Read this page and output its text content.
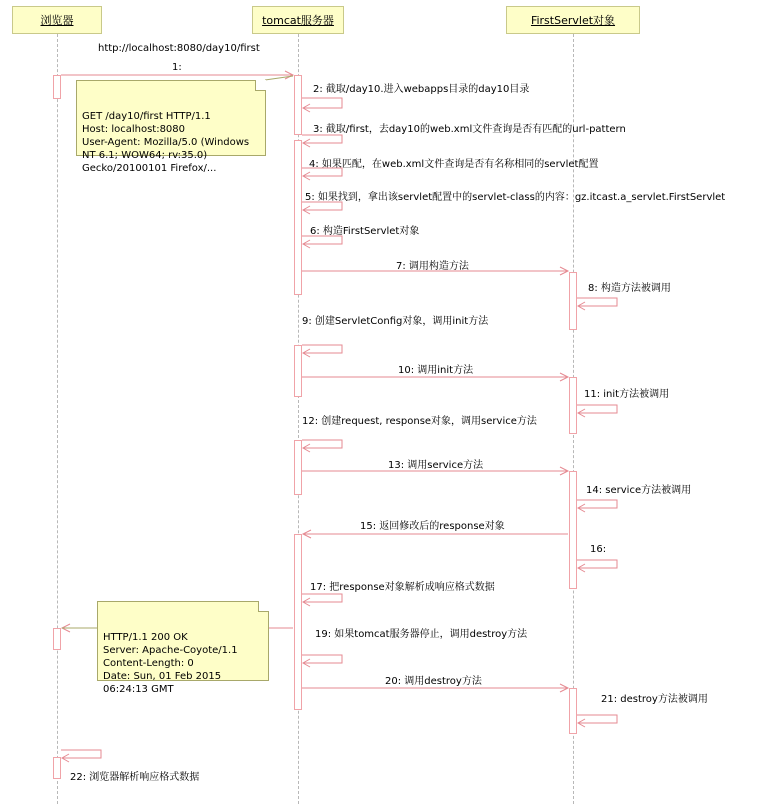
浏览器	tomcat服务器	FirstServlet对象
http://localhost:8080/day10/first

GET /day10/first HTTP/1.1
Host: localhost:8080
User-Agent: Mozilla/5.0 (Windows NT 6.1; WOW64; rv:35.0)
Gecko/20100101 Firefox/...

HTTP/1.1 200 OK
Server: Apache-Coyote/1.1
Content-Length: 0
Date: Sun, 01 Feb 2015 06:24:13 GMT

1:
2: 截取/day10.进入webapps目录的day10目录
3: 截取/first，去day10的web.xml文件查询是否有匹配的url-pattern
4: 如果匹配，在web.xml文件查询是否有名称相同的servlet配置
5: 如果找到，拿出该servlet配置中的servlet-class的内容：gz.itcast.a_servlet.FirstServlet
6: 构造FirstServlet对象
7: 调用构造方法
8: 构造方法被调用
9: 创建ServletConfig对象，调用init方法
10: 调用init方法
11: init方法被调用
12: 创建request, response对象，调用service方法
13: 调用service方法
14: service方法被调用
15: 返回修改后的response对象
16:
17: 把response对象解析成响应格式数据
19: 如果tomcat服务器停止，调用destroy方法
20: 调用destroy方法
21: destroy方法被调用
22: 浏览器解析响应格式数据
